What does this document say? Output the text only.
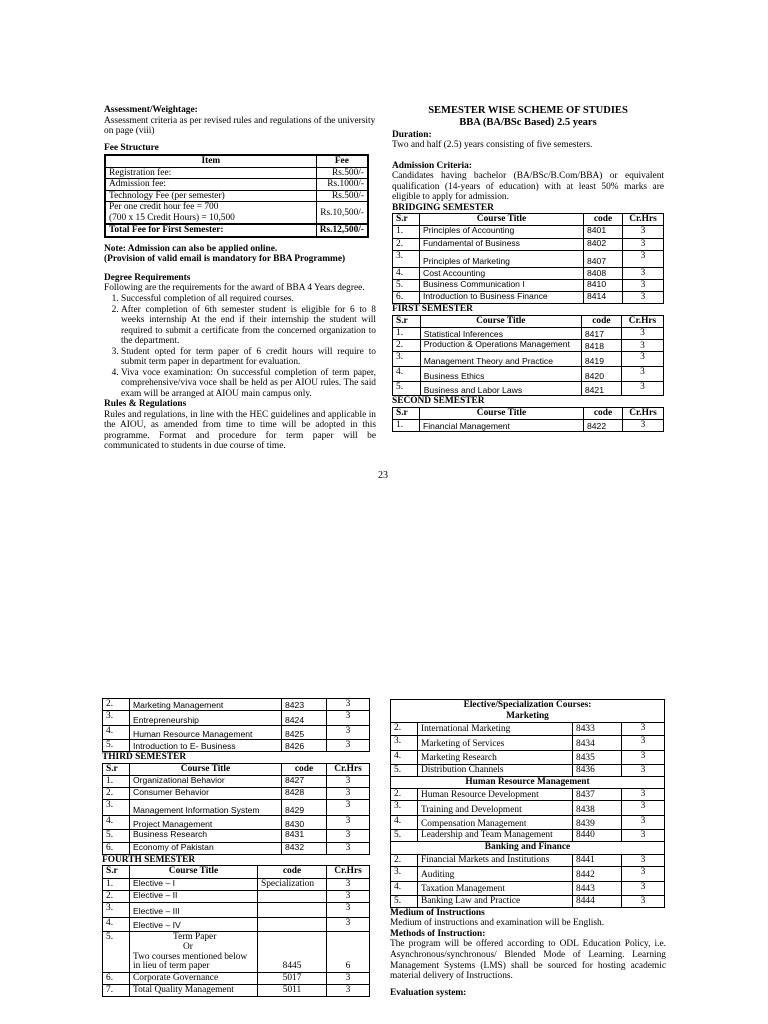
Assessment/Weightage:

Assessment criteria as per revised rules and regulations of the university on page (viii)

Fee Structure

Item	Fee
Registration fee:	Rs.500/-
Admission fee:	Rs.1000/-
Technology Fee (per semester)	Rs.500/-
Per one credit hour fee = 700
(700 x 15 Credit Hours) = 10,500	Rs.10,500/-
Total Fee for First Semester:	Rs.12,500/-

Note: Admission can also be applied online.

(Provision of valid email is mandatory for BBA Programme)

Degree Requirements

Following are the requirements for the award of BBA 4 Years degree.

1. Successful completion of all required courses.
2. After completion of 6th semester student is eligible for 6 to 8 weeks internship At the end if their internship the student will required to submit a certificate from the concerned organization to the department.
3. Student opted for term paper of 6 credit hours will require to submit term paper in department for evaluation.
4. Viva voce examination: On successful completion of term paper, comprehensive/viva voce shall be held as per AIOU rules. The said exam will be arranged at AIOU main campus only.

Rules & Regulations

Rules and regulations, in line with the HEC guidelines and applicable in the AIOU, as amended from time to time will be adopted in this programme. Format and procedure for term paper will be communicated to students in due course of time.

SEMESTER WISE SCHEME OF STUDIES

BBA (BA/BSc Based) 2.5 years

Duration:

Two and half (2.5) years consisting of five semesters.

Admission Criteria:

Candidates having bachelor (BA/BSc/B.Com/BBA) or equivalent qualification (14-years of education) with at least 50% marks are eligible to apply for admission.

BRIDGING SEMESTER

S.r	Course Title	code	Cr.Hrs
1.	Principles of Accounting	8401	3
2.	Fundamental of Business	8402	3
3.	Principles of Marketing	8407	3
4.	Cost Accounting	8408	3
5.	Business Communication I	8410	3
6.	Introduction to Business Finance	8414	3

FIRST SEMESTER

S.r	Course Title	code	Cr.Hrs
1.	Statistical Inferences	8417	3
2.	Production & Operations Management	8418	3
3.	Management Theory and Practice	8419	3
4.	Business Ethics	8420	3
5.	Business and Labor Laws	8421	3

SECOND SEMESTER

S.r	Course Title	code	Cr.Hrs
1.	Financial Management	8422	3
23
2.	Marketing Management	8423	3
3.	Entrepreneurship	8424	3
4.	Human Resource Management	8425	3
5.	Introduction to E- Business	8426	3

THIRD SEMESTER

S.r	Course Title	code	Cr.Hrs
1.	Organizational Behavior	8427	3
2.	Consumer Behavior	8428	3
3.	Management Information System	8429	3
4.	Project Management	8430	3
5.	Business Research	8431	3
6.	Economy of Pakistan	8432	3

FOURTH SEMESTER

S.r	Course Title	code	Cr.Hrs
1.	Elective – I	Specialization	3
2.	Elective – II		3
3.	Elective – III		3
4.	Elective – IV		3
5.	Term Paper
Or
Two courses mentioned below in lieu of term paper	8445	6
6.	Corporate Governance	5017	3
7.	Total Quality Management	5011	3
Elective/Specialization Courses:			
Marketing			
2.	International Marketing	8433	3
3.	Marketing of Services	8434	3
4.	Marketing Research	8435	3
5.	Distribution Channels	8436	3
Human Resource Management			
2.	Human Resource Development	8437	3
3.	Training and Development	8438	3
4.	Compensation Management	8439	3
5.	Leadership and Team Management	8440	3
Banking and Finance			
2.	Financial Markets and Institutions	8441	3
3.	Auditing	8442	3
4.	Taxation Management	8443	3
5.	Banking Law and Practice	8444	3

Medium of Instructions

Medium of instructions and examination will be English.

Methods of Instruction:

The program will be offered according to ODL Education Policy, i.e. Asynchronous/synchronous/ Blended Mode of Learning. Learning Management Systems (LMS) shall be sourced for hosting academic material delivery of Instructions.

Evaluation system:
